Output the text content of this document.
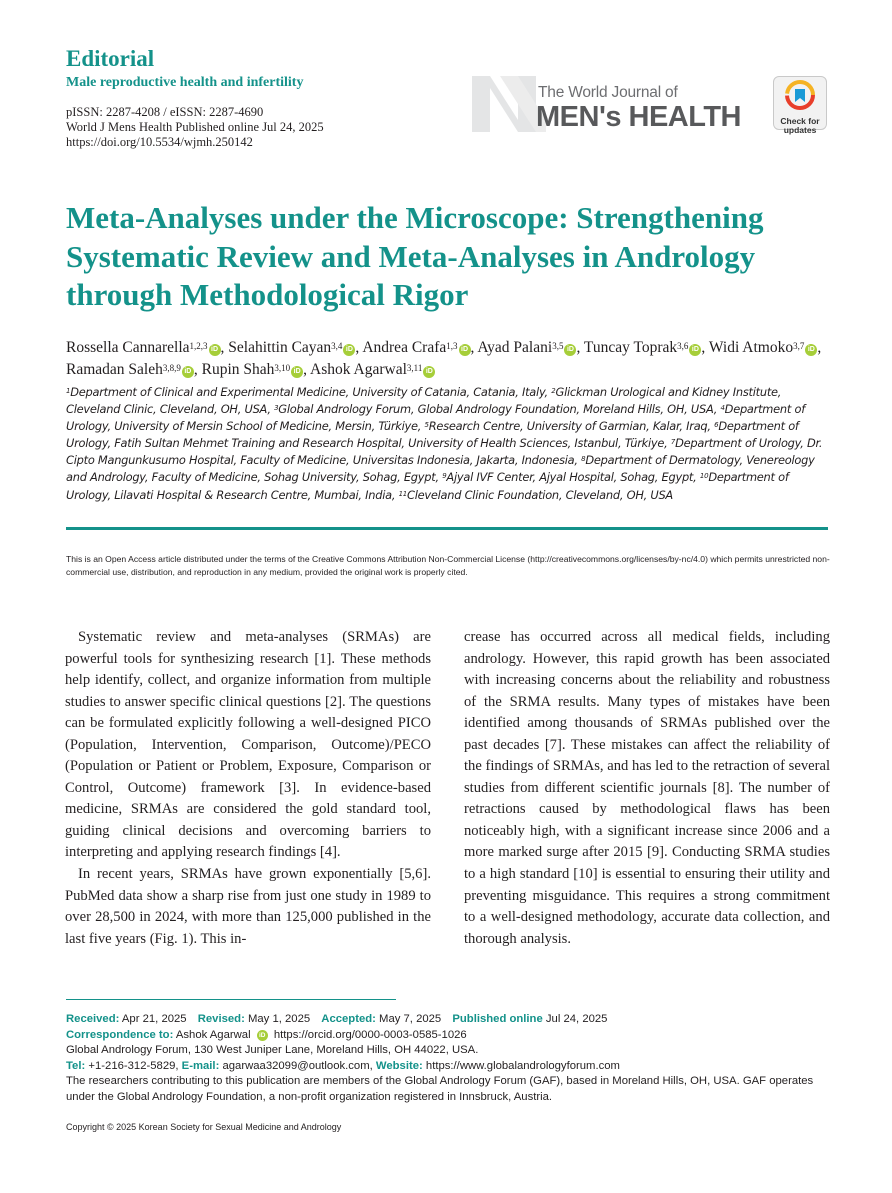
Editorial
Male reproductive health and infertility
pISSN: 2287-4208 / eISSN: 2287-4690
World J Mens Health Published online Jul 24, 2025
https://doi.org/10.5534/wjmh.250142
The World Journal of
MEN's HEALTH	Check for
updates
Meta-Analyses under the Microscope: Strengthening Systematic Review and Meta-Analyses in Andrology through Methodological Rigor
Rossella Cannarella$^{1,2,3}$ iD , Selahittin Cayan$^{3,4}$ iD , Andrea Crafa$^{1,3}$ iD , Ayad Palani$^{3,5}$ iD , Tuncay Toprak$^{3,6}$ iD , Widi Atmoko$^{3,7}$ iD , Ramadan Saleh$^{3,8,9}$ iD , Rupin Shah$^{3,10}$ iD , Ashok Agarwal$^{3,11}$ iD
$^1$Department of Clinical and Experimental Medicine, University of Catania, Catania, Italy, $^2$Glickman Urological and Kidney Institute, Cleveland Clinic, Cleveland, OH, USA, $^3$Global Andrology Forum, Global Andrology Foundation, Moreland Hills, OH, USA, $^4$Department of Urology, University of Mersin School of Medicine, Mersin, Türkiye, $^5$Research Centre, University of Garmian, Kalar, Iraq, $^6$Department of Urology, Fatih Sultan Mehmet Training and Research Hospital, University of Health Sciences, Istanbul, Türkiye, $^7$Department of Urology, Dr. Cipto Mangunkusumo Hospital, Faculty of Medicine, Universitas Indonesia, Jakarta, Indonesia, $^8$Department of Dermatology, Venereology and Andrology, Faculty of Medicine, Sohag University, Sohag, Egypt, $^9$Ajyal IVF Center, Ajyal Hospital, Sohag, Egypt, $^{10}$Department of Urology, Lilavati Hospital & Research Centre, Mumbai, India, $^{11}$Cleveland Clinic Foundation, Cleveland, OH, USA
This is an Open Access article distributed under the terms of the Creative Commons Attribution Non-Commercial License (http://creativecommons.org/licenses/by-nc/4.0) which permits unrestricted non-commercial use, distribution, and reproduction in any medium, provided the original work is properly cited.

Systematic review and meta-analyses (SRMAs) are powerful tools for synthesizing research [1]. These methods help identify, collect, and organize information from multiple studies to answer specific clinical questions [2]. The questions can be formulated explicitly following a well-designed PICO (Population, Intervention, Comparison, Outcome)/PECO (Population or Patient or Problem, Exposure, Comparison or Control, Outcome) framework [3]. In evidence-based medicine, SRMAs are considered the gold standard tool, guiding clinical decisions and overcoming barriers to interpreting and applying research findings [4].

In recent years, SRMAs have grown exponentially [5,6]. PubMed data show a sharp rise from just one study in 1989 to over 28,500 in 2024, with more than 125,000 published in the last five years (Fig. 1). This in-

crease has occurred across all medical fields, including andrology. However, this rapid growth has been associated with increasing concerns about the reliability and robustness of the SRMA results. Many types of mistakes have been identified among thousands of SRMAs published over the past decades [7]. These mistakes can affect the reliability of the findings of SRMAs, and has led to the retraction of several studies from different scientific journals [8]. The number of retractions caused by methodological flaws has been noticeably high, with a significant increase since 2006 and a more marked surge after 2015 [9]. Conducting SRMA studies to a high standard [10] is essential to ensuring their utility and preventing misguidance. This requires a strong commitment to a well-designed methodology, accurate data collection, and thorough analysis.

Received: Apr 21, 2025 Revised: May 1, 2025 Accepted: May 7, 2025 Published online Jul 24, 2025
Correspondence to: Ashok Agarwal iD https://orcid.org/0000-0003-0585-1026
Global Andrology Forum, 130 West Juniper Lane, Moreland Hills, OH 44022, USA.
Tel: +1-216-312-5829, E-mail: agarwaa32099@outlook.com, Website: https://www.globalandrologyforum.com
The researchers contributing to this publication are members of the Global Andrology Forum (GAF), based in Moreland Hills, OH, USA. GAF operates under the Global Andrology Foundation, a non-profit organization registered in Innsbruck, Austria.
Copyright © 2025 Korean Society for Sexual Medicine and Andrology
